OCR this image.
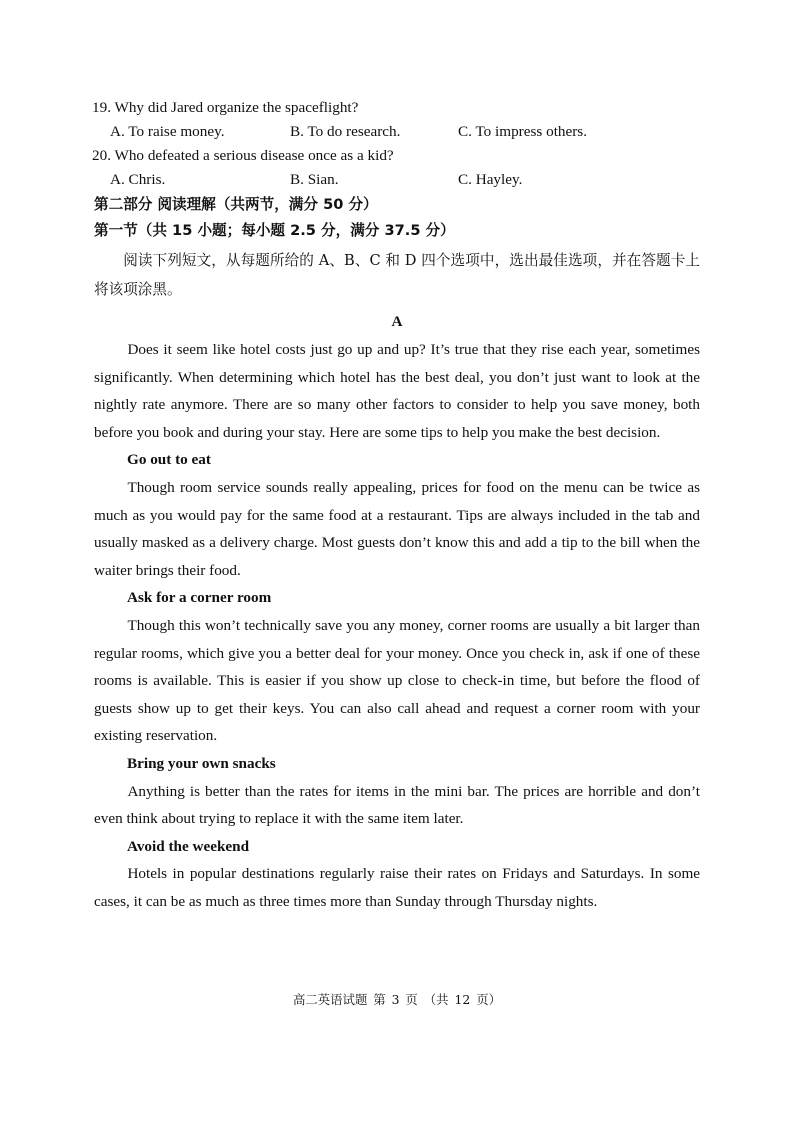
19. Why did Jared organize the spaceflight?
A. To raise money.	B. To do research.	C. To impress others.
20. Who defeated a serious disease once as a kid?
A. Chris.	B. Sian.	C. Hayley.
第二部分 阅读理解（共两节，满分 50 分）
第一节（共 15 小题；每小题 2.5 分，满分 37.5 分）

阅读下列短文，从每题所给的 A、B、C 和 D 四个选项中，选出最佳选项，并在答题卡上将该项涂黑。

A

Does it seem like hotel costs just go up and up? It’s true that they rise each year, sometimes significantly. When determining which hotel has the best deal, you don’t just want to look at the nightly rate anymore. There are so many other factors to consider to help you save money, both before you book and during your stay. Here are some tips to help you make the best decision.

Go out to eat

Though room service sounds really appealing, prices for food on the menu can be twice as much as you would pay for the same food at a restaurant. Tips are always included in the tab and usually masked as a delivery charge. Most guests don’t know this and add a tip to the bill when the waiter brings their food.

Ask for a corner room

Though this won’t technically save you any money, corner rooms are usually a bit larger than regular rooms, which give you a better deal for your money. Once you check in, ask if one of these rooms is available. This is easier if you show up close to check-in time, but before the flood of guests show up to get their keys. You can also call ahead and request a corner room with your existing reservation.

Bring your own snacks

Anything is better than the rates for items in the mini bar. The prices are horrible and don’t even think about trying to replace it with the same item later.

Avoid the weekend

Hotels in popular destinations regularly raise their rates on Fridays and Saturdays. In some cases, it can be as much as three times more than Sunday through Thursday nights.

高二英语试题 第 3 页 （共 12 页）
